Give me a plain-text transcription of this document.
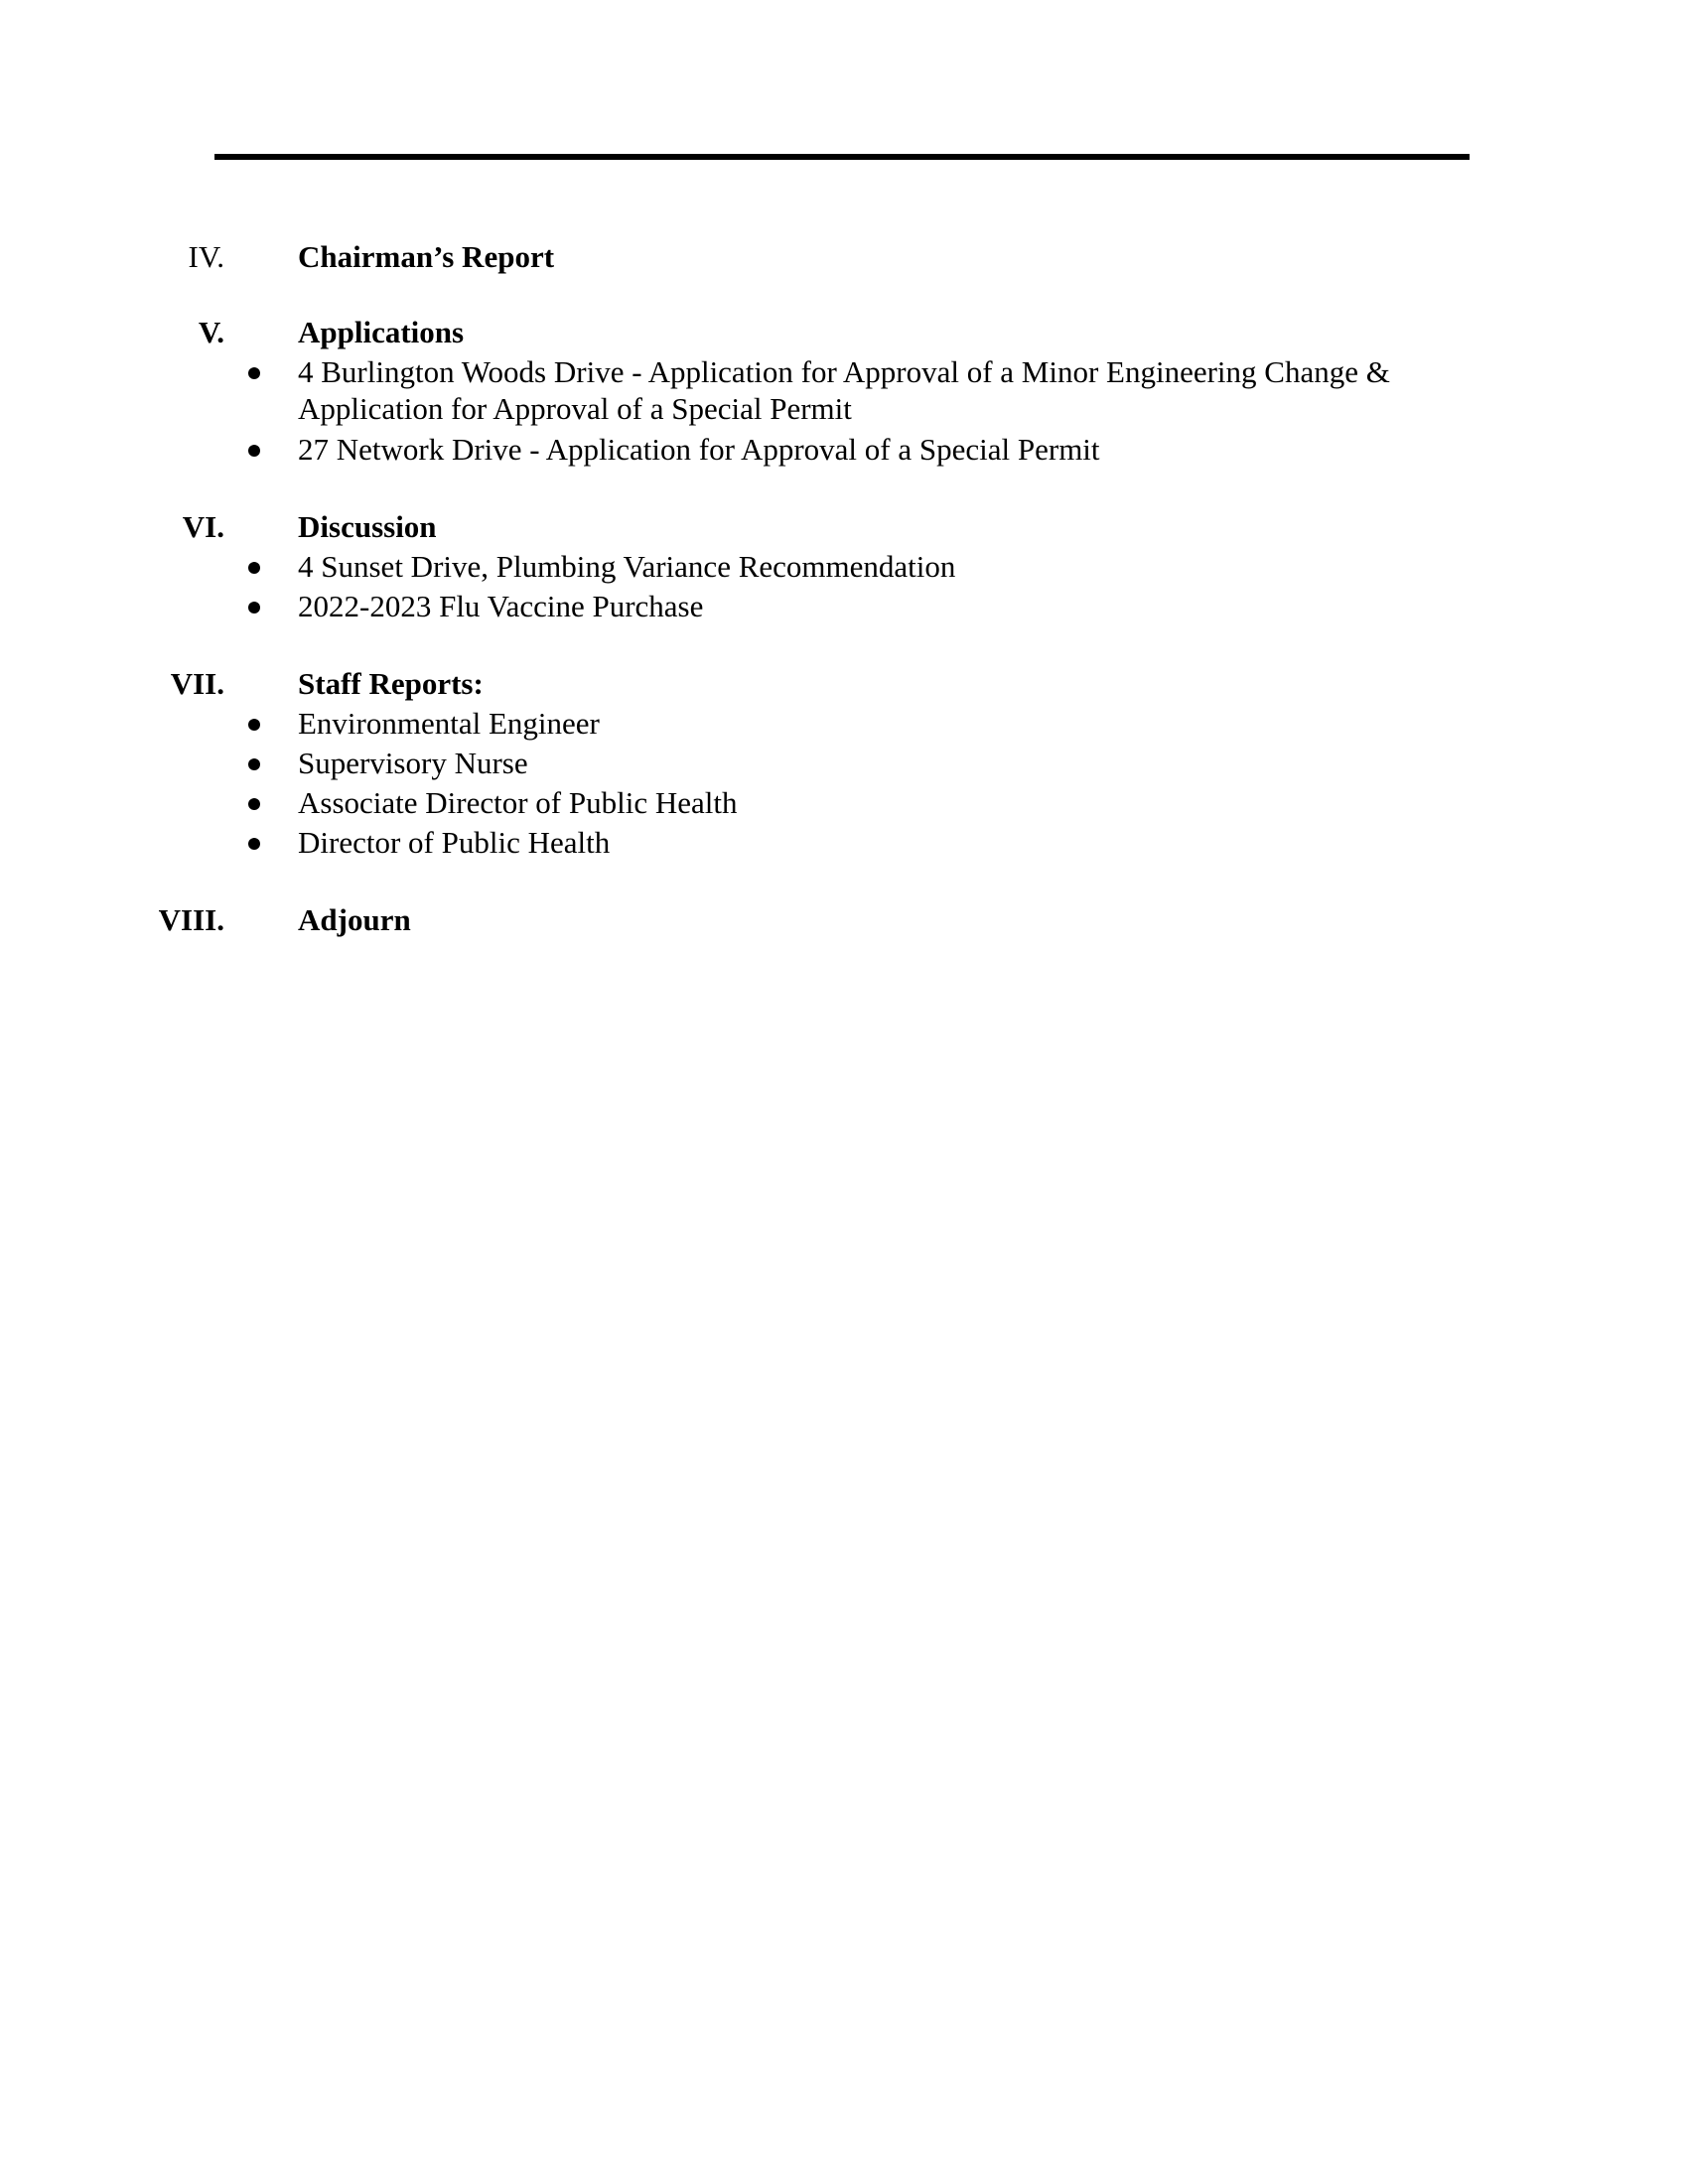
IV. Chairman’s Report
V. Applications
4 Burlington Woods Drive - Application for Approval of a Minor Engineering Change &
Application for Approval of a Special Permit
27 Network Drive - Application for Approval of a Special Permit
VI. Discussion
4 Sunset Drive, Plumbing Variance Recommendation
2022-2023 Flu Vaccine Purchase
VII. Staff Reports:
Environmental Engineer
Supervisory Nurse
Associate Director of Public Health
Director of Public Health
VIII. Adjourn
